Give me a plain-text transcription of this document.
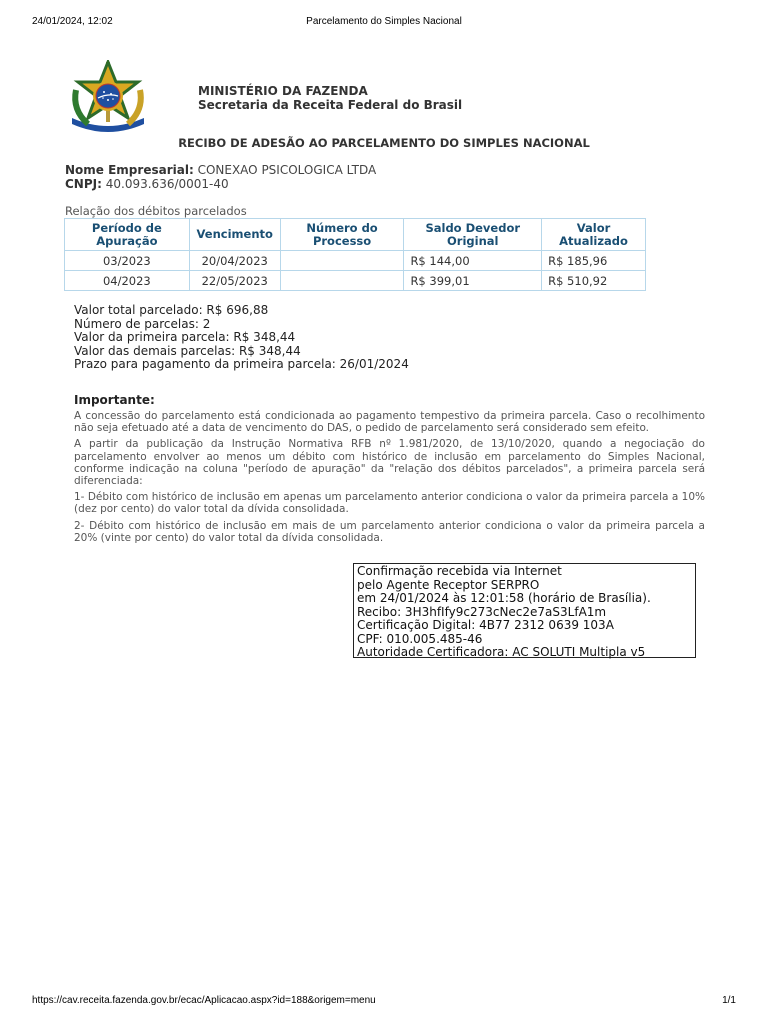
24/01/2024, 12:02	Parcelamento do Simples Nacional
MINISTÉRIO DA FAZENDA
Secretaria da Receita Federal do Brasil
RECIBO DE ADESÃO AO PARCELAMENTO DO SIMPLES NACIONAL
Nome Empresarial: CONEXAO PSICOLOGICA LTDA
CNPJ: 40.093.636/0001-40
Relação dos débitos parcelados
Período de Apuração	Vencimento	Número do Processo	Saldo Devedor Original	Valor Atualizado
03/2023	20/04/2023		R$ 144,00	R$ 185,96
04/2023	22/05/2023		R$ 399,01	R$ 510,92
Valor total parcelado: R$ 696,88
Número de parcelas: 2
Valor da primeira parcela: R$ 348,44
Valor das demais parcelas: R$ 348,44
Prazo para pagamento da primeira parcela: 26/01/2024
Importante:

A concessão do parcelamento está condicionada ao pagamento tempestivo da primeira parcela. Caso o recolhimento não seja efetuado até a data de vencimento do DAS, o pedido de parcelamento será considerado sem efeito.

A partir da publicação da Instrução Normativa RFB nº 1.981/2020, de 13/10/2020, quando a negociação do parcelamento envolver ao menos um débito com histórico de inclusão em parcelamento do Simples Nacional, conforme indicação na coluna "período de apuração" da "relação dos débitos parcelados", a primeira parcela será diferenciada:

1- Débito com histórico de inclusão em apenas um parcelamento anterior condiciona o valor da primeira parcela a 10% (dez por cento) do valor total da dívida consolidada.

2- Débito com histórico de inclusão em mais de um parcelamento anterior condiciona o valor da primeira parcela a 20% (vinte por cento) do valor total da dívida consolidada.

Confirmação recebida via Internet
pelo Agente Receptor SERPRO
em 24/01/2024 às 12:01:58 (horário de Brasília).
Recibo: 3H3hfIfy9c273cNec2e7aS3LfA1m
Certificação Digital: 4B77 2312 0639 103A
CPF: 010.005.485-46
Autoridade Certificadora: AC SOLUTI Multipla v5
https://cav.receita.fazenda.gov.br/ecac/Aplicacao.aspx?id=188&origem=menu	1/1
